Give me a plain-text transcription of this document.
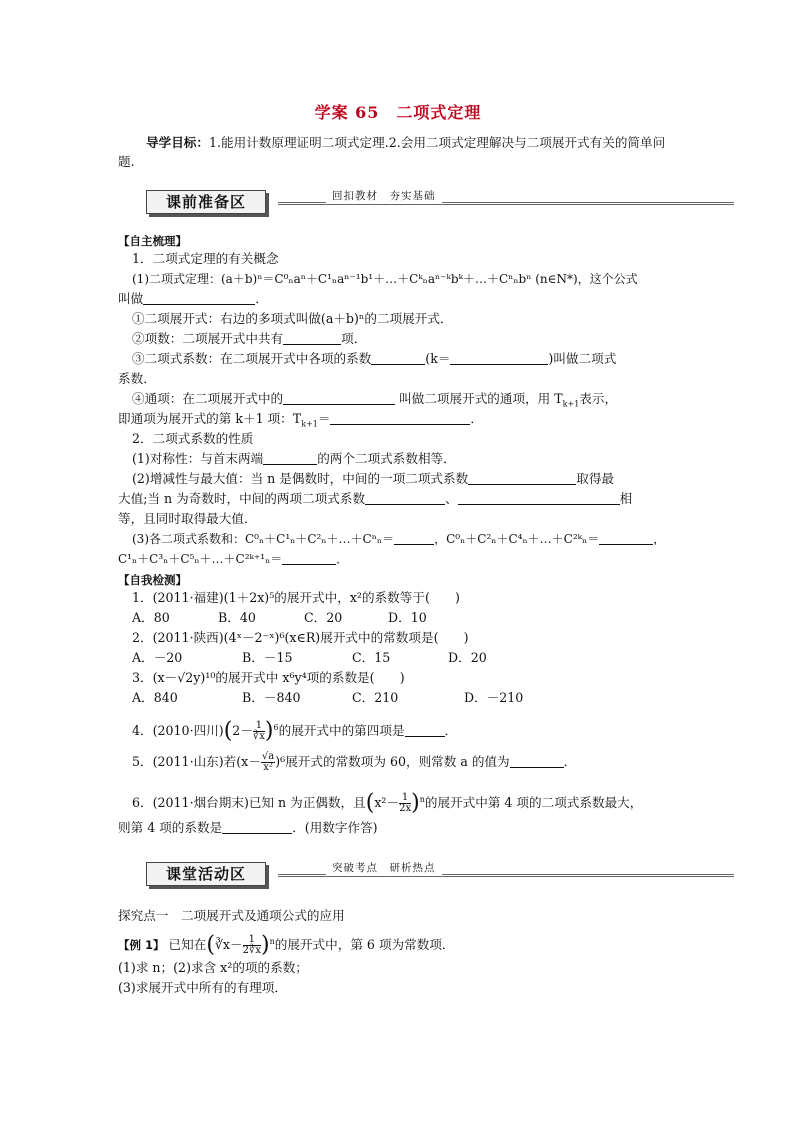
学案 65　二项式定理
导学目标：1.能用计数原理证明二项式定理.2.会用二项式定理解决与二项展开式有关的简单问题.
课前准备区	回扣教材　夯实基础
【自主梳理】
1．二项式定理的有关概念
(1)二项式定理：(a＋b)ⁿ＝C⁰ₙaⁿ＋C¹ₙaⁿ⁻¹b¹＋…＋Cᵏₙaⁿ⁻ᵏbᵏ＋…＋Cⁿₙbⁿ (n∈N*)，这个公式
叫做	．
①二项展开式：右边的多项式叫做(a＋b)ⁿ的二项展开式．
②项数：二项展开式中共有	项．
③二项式系数：在二项展开式中各项的系数	(k＝	)叫做二项式
系数．
④通项：在二项展开式中的	叫做二项展开式的通项，用 $T_{k+1}$表示，
即通项为展开式的第 k＋1 项：$T_{k+1}=$	．
2．二项式系数的性质
(1)对称性：与首末两端	的两个二项式系数相等．
(2)增减性与最大值：当 n 是偶数时，中间的一项二项式系数	取得最
大值;当 n 为奇数时，中间的两项二项式系数	、	相
等，且同时取得最大值．
(3)各二项式系数和：C⁰ₙ＋C¹ₙ＋C²ₙ＋…＋Cⁿₙ＝	，C⁰ₙ＋C²ₙ＋C⁴ₙ＋…＋C²ᵏₙ＝	，
C¹ₙ＋C³ₙ＋C⁵ₙ＋…＋C²ᵏ⁺¹ₙ＝	．
【自我检测】
1．(2011·福建)(1＋2x)⁵的展开式中，x²的系数等于(　　)
A．80	B．40	C．20	D．10
2．(2011·陕西)(4ˣ－2⁻ˣ)⁶(x∈R)展开式中的常数项是(　　)
A．－20	B．－15	C．15	D．20
3．(x－√2y)¹⁰的展开式中 x⁶y⁴项的系数是(　　)
A．840	B．－840	C．210	D．－210
4．(2010·四川)$(2- \frac{1}{∛x} )^6$的展开式中的第四项是	．
5．(2011·山东)若$(x- \frac{√a}{\text{x²}} )^6$展开式的常数项为 60，则常数 a 的值为	．
6．(2011·烟台期末)已知 n 为正偶数，且$(x^2- \frac{1}{2x} )^n$的展开式中第 4 项的二项式系数最大，
则第 4 项的系数是	．(用数字作答)
课堂活动区	突破考点　研析热点
探究点一　二项展开式及通项公式的应用
【例 1】 已知在(∛x－ $\frac{1}{2∛x} )^n$的展开式中，第 6 项为常数项．
(1)求 n；(2)求含 x²的项的系数；
(3)求展开式中所有的有理项．
